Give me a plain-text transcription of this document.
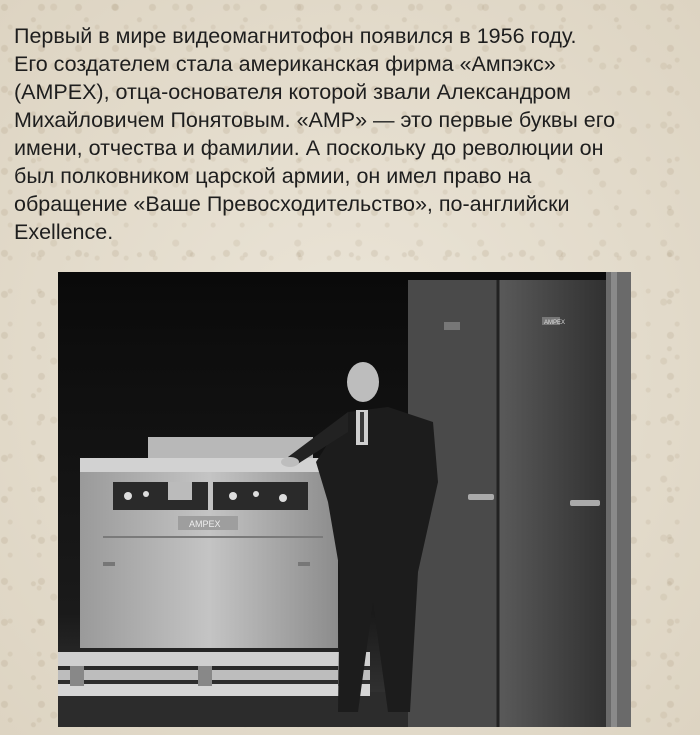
Первый в мире видеомагнитофон появился в 1956 году.
Его создателем стала американская фирма «Ампэкс»
(AMPEX), отца-основателя которой звали Александром
Михайловичем Понятовым. «AMP» — это первые буквы его
имени, отчества и фамилии. А поскольку до революции он
был полковником царской армии, он имел право на
обращение «Ваше Превосходительство», по-английски
Exellence.
AMPEX
AMPEX
